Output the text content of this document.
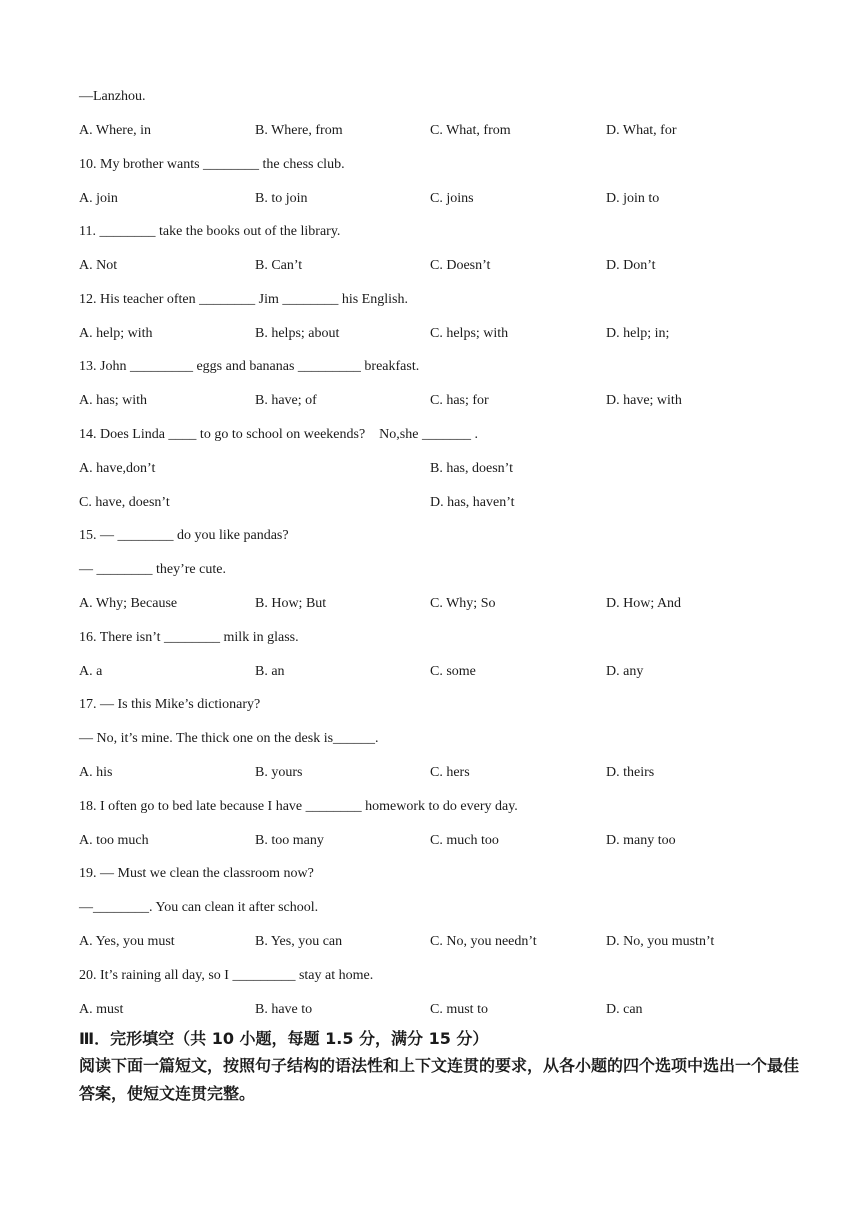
—Lanzhou.
A. Where, in	B. Where, from	C. What, from	D. What, for
10. My brother wants ________ the chess club.
A. join	B. to join	C. joins	D. join to
11. ________ take the books out of the library.
A. Not	B. Can’t	C. Doesn’t	D. Don’t
12. His teacher often ________ Jim ________ his English.
A. help; with	B. helps; about	C. helps; with	D. help; in;
13. John _________ eggs and bananas _________ breakfast.
A. has; with	B. have; of	C. has; for	D. have; with
14. Does Linda ____ to go to school on weekends?    No,she _______ .
A. have,don’t	B. has, doesn’t
C. have, doesn’t	D. has, haven’t
15. — ________ do you like pandas?
— ________ they’re cute.
A. Why; Because	B. How; But	C. Why; So	D. How; And
16. There isn’t ________ milk in glass.
A. a	B. an	C. some	D. any
17. — Is this Mike’s dictionary?
— No, it’s mine. The thick one on the desk is______.
A. his	B. yours	C. hers	D. theirs
18. I often go to bed late because I have ________ homework to do every day.
A. too much	B. too many	C. much too	D. many too
19. — Must we clean the classroom now?
—________. You can clean it after school.
A. Yes, you must	B. Yes, you can	C. No, you needn’t	D. No, you mustn’t
20. It’s raining all day, so I _________ stay at home.
A. must	B. have to	C. must to	D. can
Ⅲ．完形填空（共 10 小题，每题 1.5 分，满分 15 分）
阅读下面一篇短文，按照句子结构的语法性和上下文连贯的要求，从各小题的四个选项中选出一个最佳答案，使短文连贯完整。
